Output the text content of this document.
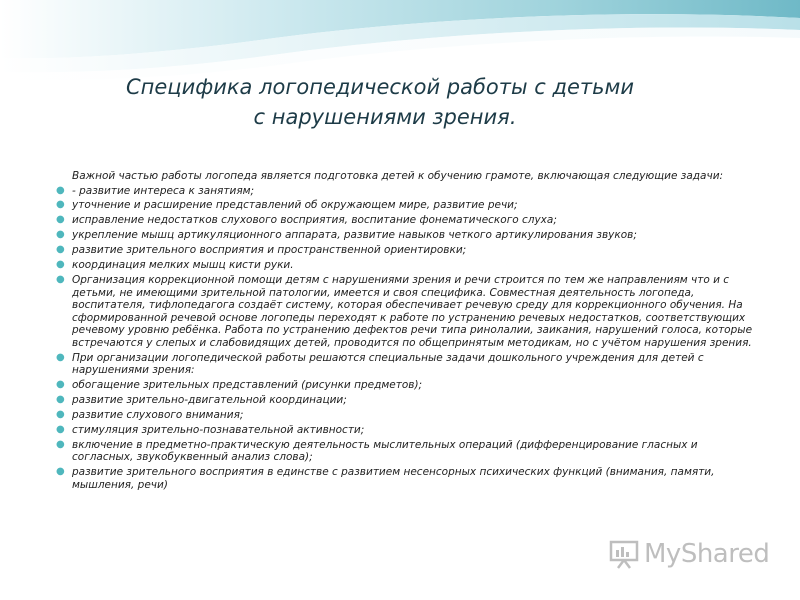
Специфика логопедической работы с детьми
с нарушениями зрения.

Важной частью работы логопеда является подготовка детей к обучению грамоте, включающая следующие задачи:

● - развитие интереса к занятиям;
● уточнение и расширение представлений об окружающем мире, развитие речи;
● исправление недостатков слухового восприятия, воспитание фонематического слуха;
● укрепление мышц артикуляционного аппарата, развитие навыков четкого артикулирования звуков;
● развитие зрительного восприятия и пространственной ориентировки;
● координация мелких мышц кисти руки.
● Организация коррекционной помощи детям с нарушениями зрения и речи строится по тем же направлениям что и с детьми, не имеющими зрительной патологии, имеется и своя специфика. Совместная деятельность логопеда, воспитателя, тифлопедагога создаёт систему, которая обеспечивает речевую среду для коррекционного обучения. На сформированной речевой основе логопеды переходят к работе по устранению речевых недостатков, соответствующих речевому уровню ребёнка. Работа по устранению дефектов речи типа ринолалии, заикания, нарушений голоса, которые встречаются у слепых и слабовидящих детей, проводится по общепринятым методикам, но с учётом нарушения зрения.
● При организации логопедической работы решаются специальные задачи дошкольного учреждения для детей с нарушениями зрения:
● обогащение зрительных представлений (рисунки предметов);
● развитие зрительно-двигательной координации;
● развитие слухового внимания;
● стимуляция зрительно-познавательной активности;
● включение в предметно-практическую деятельность мыслительных операций (дифференцирование гласных и согласных, звукобуквенный анализ слова);
● развитие зрительного восприятия в единстве с развитием несенсорных психических функций (внимания, памяти, мышления, речи)
MyShared
